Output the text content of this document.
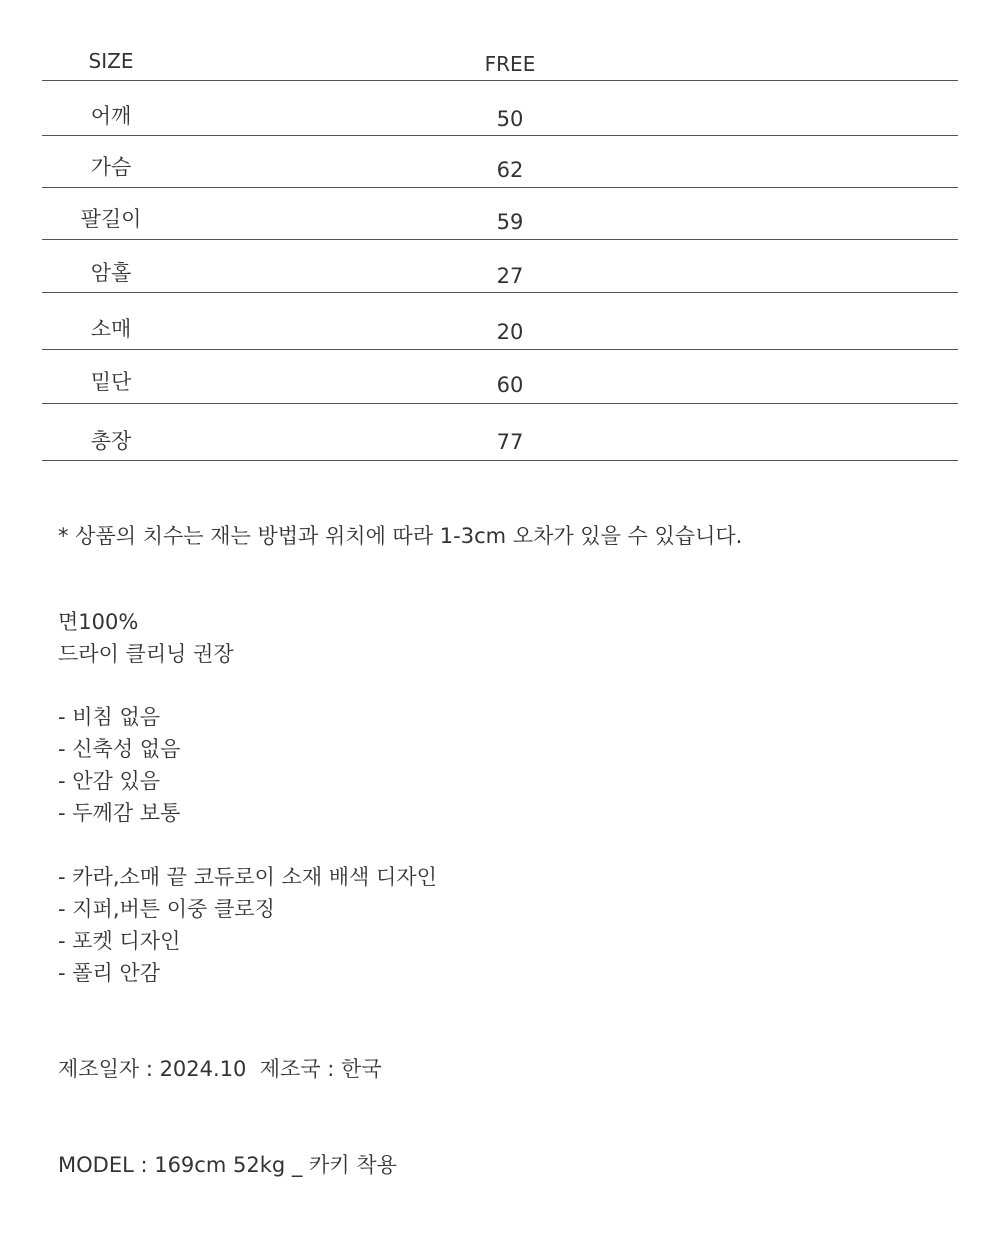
SIZE	FREE
어깨	50
가슴	62
팔길이	59
암홀	27
소매	20
밑단	60
총장	77
* 상품의 치수는 재는 방법과 위치에 따라 1-3cm 오차가 있을 수 있습니다.
면100%
드라이 클리닝 권장
- 비침 없음
- 신축성 없음
- 안감 있음
- 두께감 보통
- 카라,소매 끝 코듀로이 소재 배색 디자인
- 지퍼,버튼 이중 클로징
- 포켓 디자인
- 폴리 안감
제조일자 : 2024.10  제조국 : 한국
MODEL : 169cm 52kg _ 카키 착용
